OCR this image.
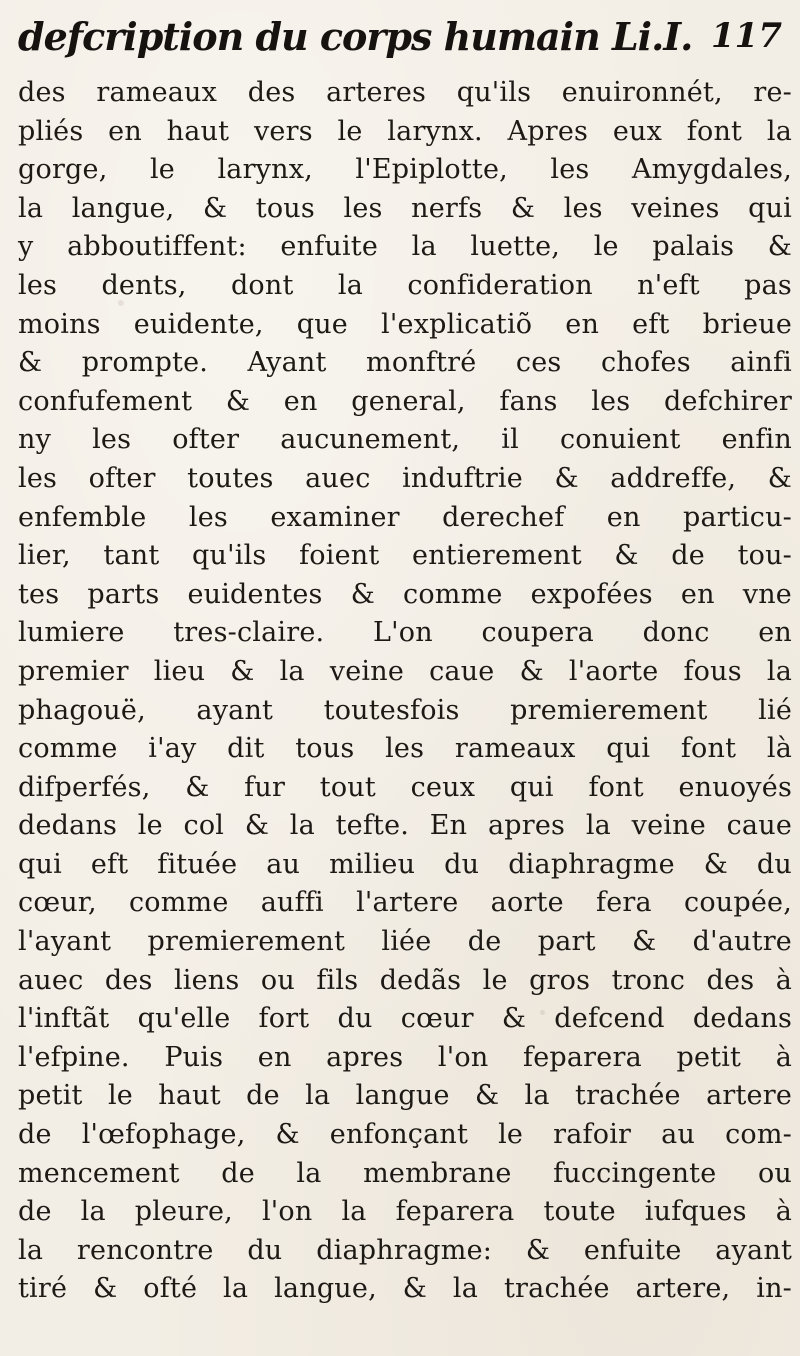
defcription du corps humain Li.I. 117
des rameaux des arteres qu'ils enuironnét, re-
pliés en haut vers le larynx. Apres eux font la
gorge, le larynx, l'Epiplotte, les Amygdales,
la langue, & tous les nerfs & les veines qui
y abboutiffent: enfuite la luette, le palais &
les dents, dont la confideration n'eft pas
moins euidente, que l'explicatiõ en eft brieue
& prompte. Ayant monftré ces chofes ainfi
confufement & en general, fans les defchirer
ny les ofter aucunement, il conuient enfin
les ofter toutes auec induftrie & addreffe, &
enfemble les examiner derechef en particu-
lier, tant qu'ils foient entierement & de tou-
tes parts euidentes & comme expofées en vne
lumiere tres-claire. L'on coupera donc en
premier lieu & la veine caue & l'aorte fous la
phagouë, ayant toutesfois premierement lié
comme i'ay dit tous les rameaux qui font là
difperfés, & fur tout ceux qui font enuoyés
dedans le col & la tefte. En apres la veine caue
qui eft fituée au milieu du diaphragme & du
cœur, comme auffi l'artere aorte fera coupée,
l'ayant premierement liée de part & d'autre
auec des liens ou fils dedãs le gros tronc des à
l'inftãt qu'elle fort du cœur & defcend dedans
l'efpine. Puis en apres l'on feparera petit à
petit le haut de la langue & la trachée artere
de l'œfophage, & enfonçant le rafoir au com-
mencement de la membrane fuccingente ou
de la pleure, l'on la feparera toute iufques à
la rencontre du diaphragme: & enfuite ayant
tiré & ofté la langue, & la trachée artere, in-
